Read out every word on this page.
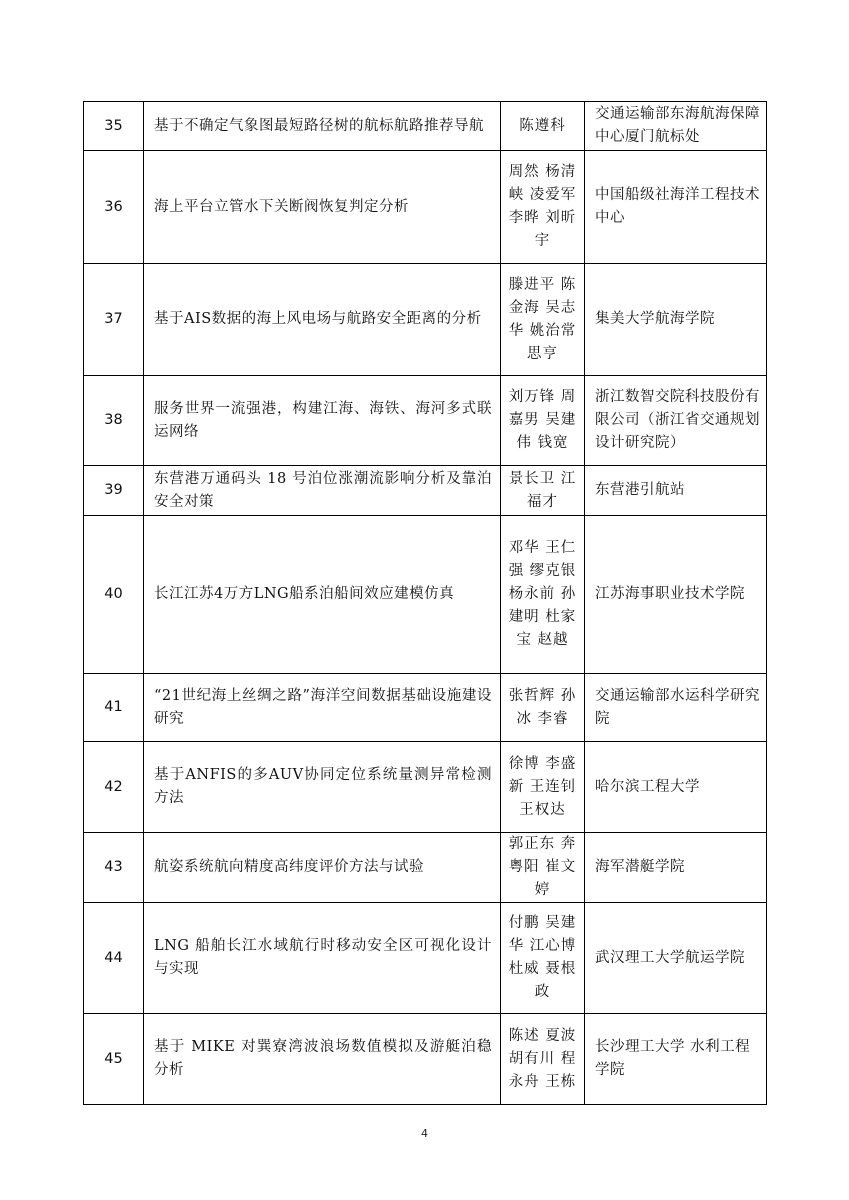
35	基于不确定气象图最短路径树的航标航路推荐导航	陈遵科	交通运输部东海航海保障中心厦门航标处
36	海上平台立管水下关断阀恢复判定分析	周然 杨清峡 凌爱军 李晔 刘昕宇	中国船级社海洋工程技术中心
37	基于AIS数据的海上风电场与航路安全距离的分析	滕进平 陈金海 吴志华 姚治常 思亨	集美大学航海学院
38	服务世界一流强港，构建江海、海铁、海河多式联运网络	刘万锋 周嘉男 吴建伟 钱宽	浙江数智交院科技股份有限公司（浙江省交通规划设计研究院）
39	东营港万通码头 18 号泊位涨潮流影响分析及靠泊安全对策	景长卫 江福才	东营港引航站
40	长江江苏4万方LNG船系泊船间效应建模仿真	邓华 王仁强 缪克银 杨永前 孙建明 杜家宝 赵越	江苏海事职业技术学院
41	“21世纪海上丝绸之路”海洋空间数据基础设施建设研究	张哲辉 孙冰 李睿	交通运输部水运科学研究院
42	基于ANFIS的多AUV协同定位系统量测异常检测方法	徐博 李盛新 王连钊 王权达	哈尔滨工程大学
43	航姿系统航向精度高纬度评价方法与试验	郭正东 奔粤阳 崔文婷	海军潜艇学院
44	LNG 船舶长江水域航行时移动安全区可视化设计与实现	付鹏 吴建华 江心博 杜威 聂根政	武汉理工大学航运学院
45	基于 MIKE 对巽寮湾波浪场数值模拟及游艇泊稳分析	陈述 夏波 胡有川 程永舟 王栋	长沙理工大学 水利工程学院
4
